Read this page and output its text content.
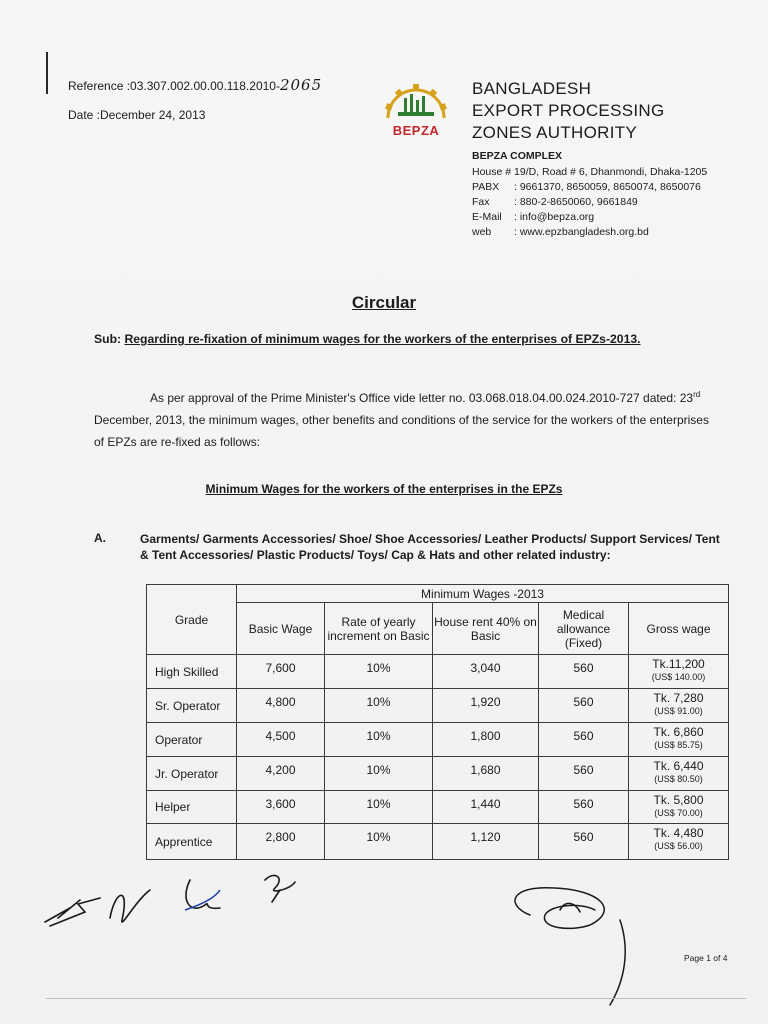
Reference :03.307.002.00.00.118.2010-2065
Date :December 24, 2013
BEPZA
BANGLADESH
EXPORT PROCESSING
ZONES AUTHORITY
BEPZA COMPLEX
House # 19/D, Road # 6, Dhanmondi, Dhaka-1205
PABX	: 9661370, 8650059, 8650074, 8650076
Fax	: 880-2-8650060, 9661849
E-Mail	: info@bepza.org
web	: www.epzbangladesh.org.bd
Circular
Sub: Regarding re-fixation of minimum wages for the workers of the enterprises of EPZs-2013.
As per approval of the Prime Minister's Office vide letter no. 03.068.018.04.00.024.2010-727 dated: 23rd December, 2013, the minimum wages, other benefits and conditions of the service for the workers of the enterprises of EPZs are re-fixed as follows:
Minimum Wages for the workers of the enterprises in the EPZs
A.	Garments/ Garments Accessories/ Shoe/ Shoe Accessories/ Leather Products/ Support Services/ Tent & Tent Accessories/ Plastic Products/ Toys/ Cap & Hats and other related industry:
Grade	Minimum Wages -2013				
	Basic Wage	Rate of yearly increment on Basic	House rent 40% on Basic	Medical allowance (Fixed)	Gross wage
High Skilled	7,600	10%	3,040	560	Tk.11,200
(US$ 140.00)

Sr. Operator	4,800	10%	1,920	560	Tk. 7,280
(US$ 91.00)

Operator	4,500	10%	1,800	560	Tk. 6,860
(US$ 85.75)

Jr. Operator	4,200	10%	1,680	560	Tk. 6,440
(US$ 80.50)

Helper	3,600	10%	1,440	560	Tk. 5,800
(US$ 70.00)

Apprentice	2,800	10%	1,120	560	Tk. 4,480
(US$ 56.00)
Page 1 of 4
